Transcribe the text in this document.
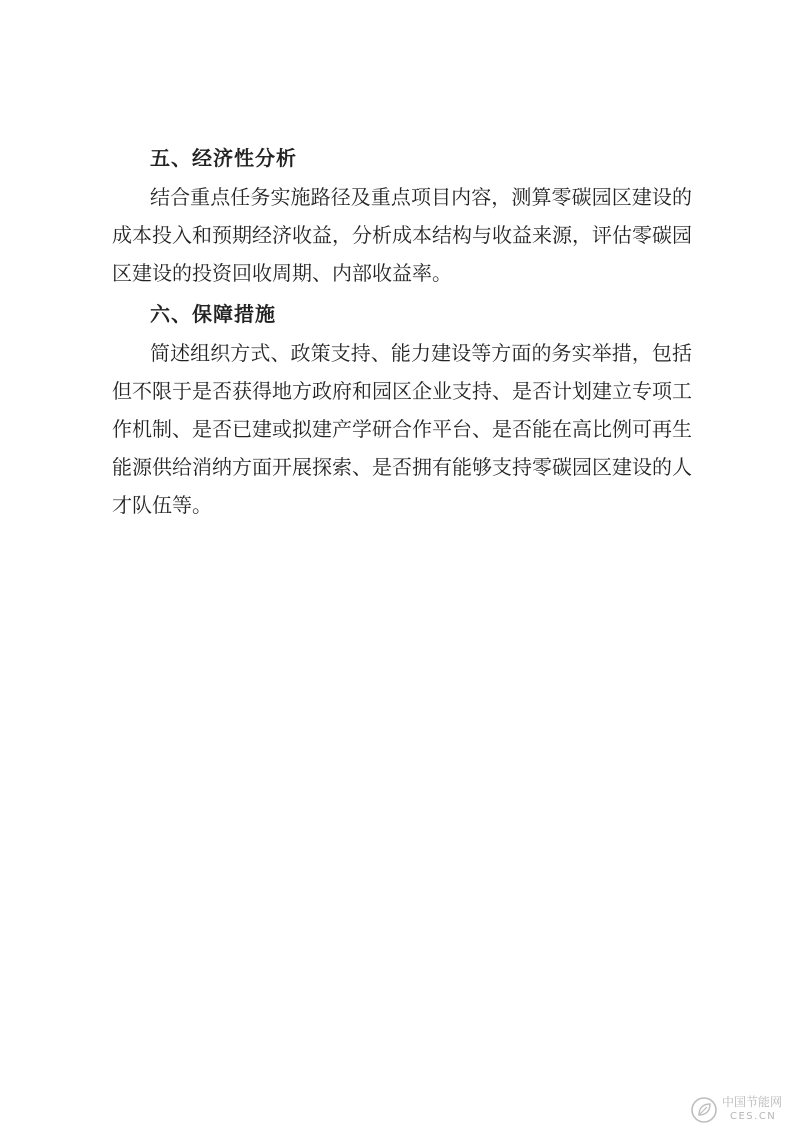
五、经济性分析
结合重点任务实施路径及重点项目内容，测算零碳园区建设的
成本投入和预期经济收益，分析成本结构与收益来源，评估零碳园
区建设的投资回收周期、内部收益率。
六、保障措施
简述组织方式、政策支持、能力建设等方面的务实举措，包括
但不限于是否获得地方政府和园区企业支持、是否计划建立专项工
作机制、是否已建或拟建产学研合作平台、是否能在高比例可再生
能源供给消纳方面开展探索、是否拥有能够支持零碳园区建设的人
才队伍等。
中国节能网
CES.CN
